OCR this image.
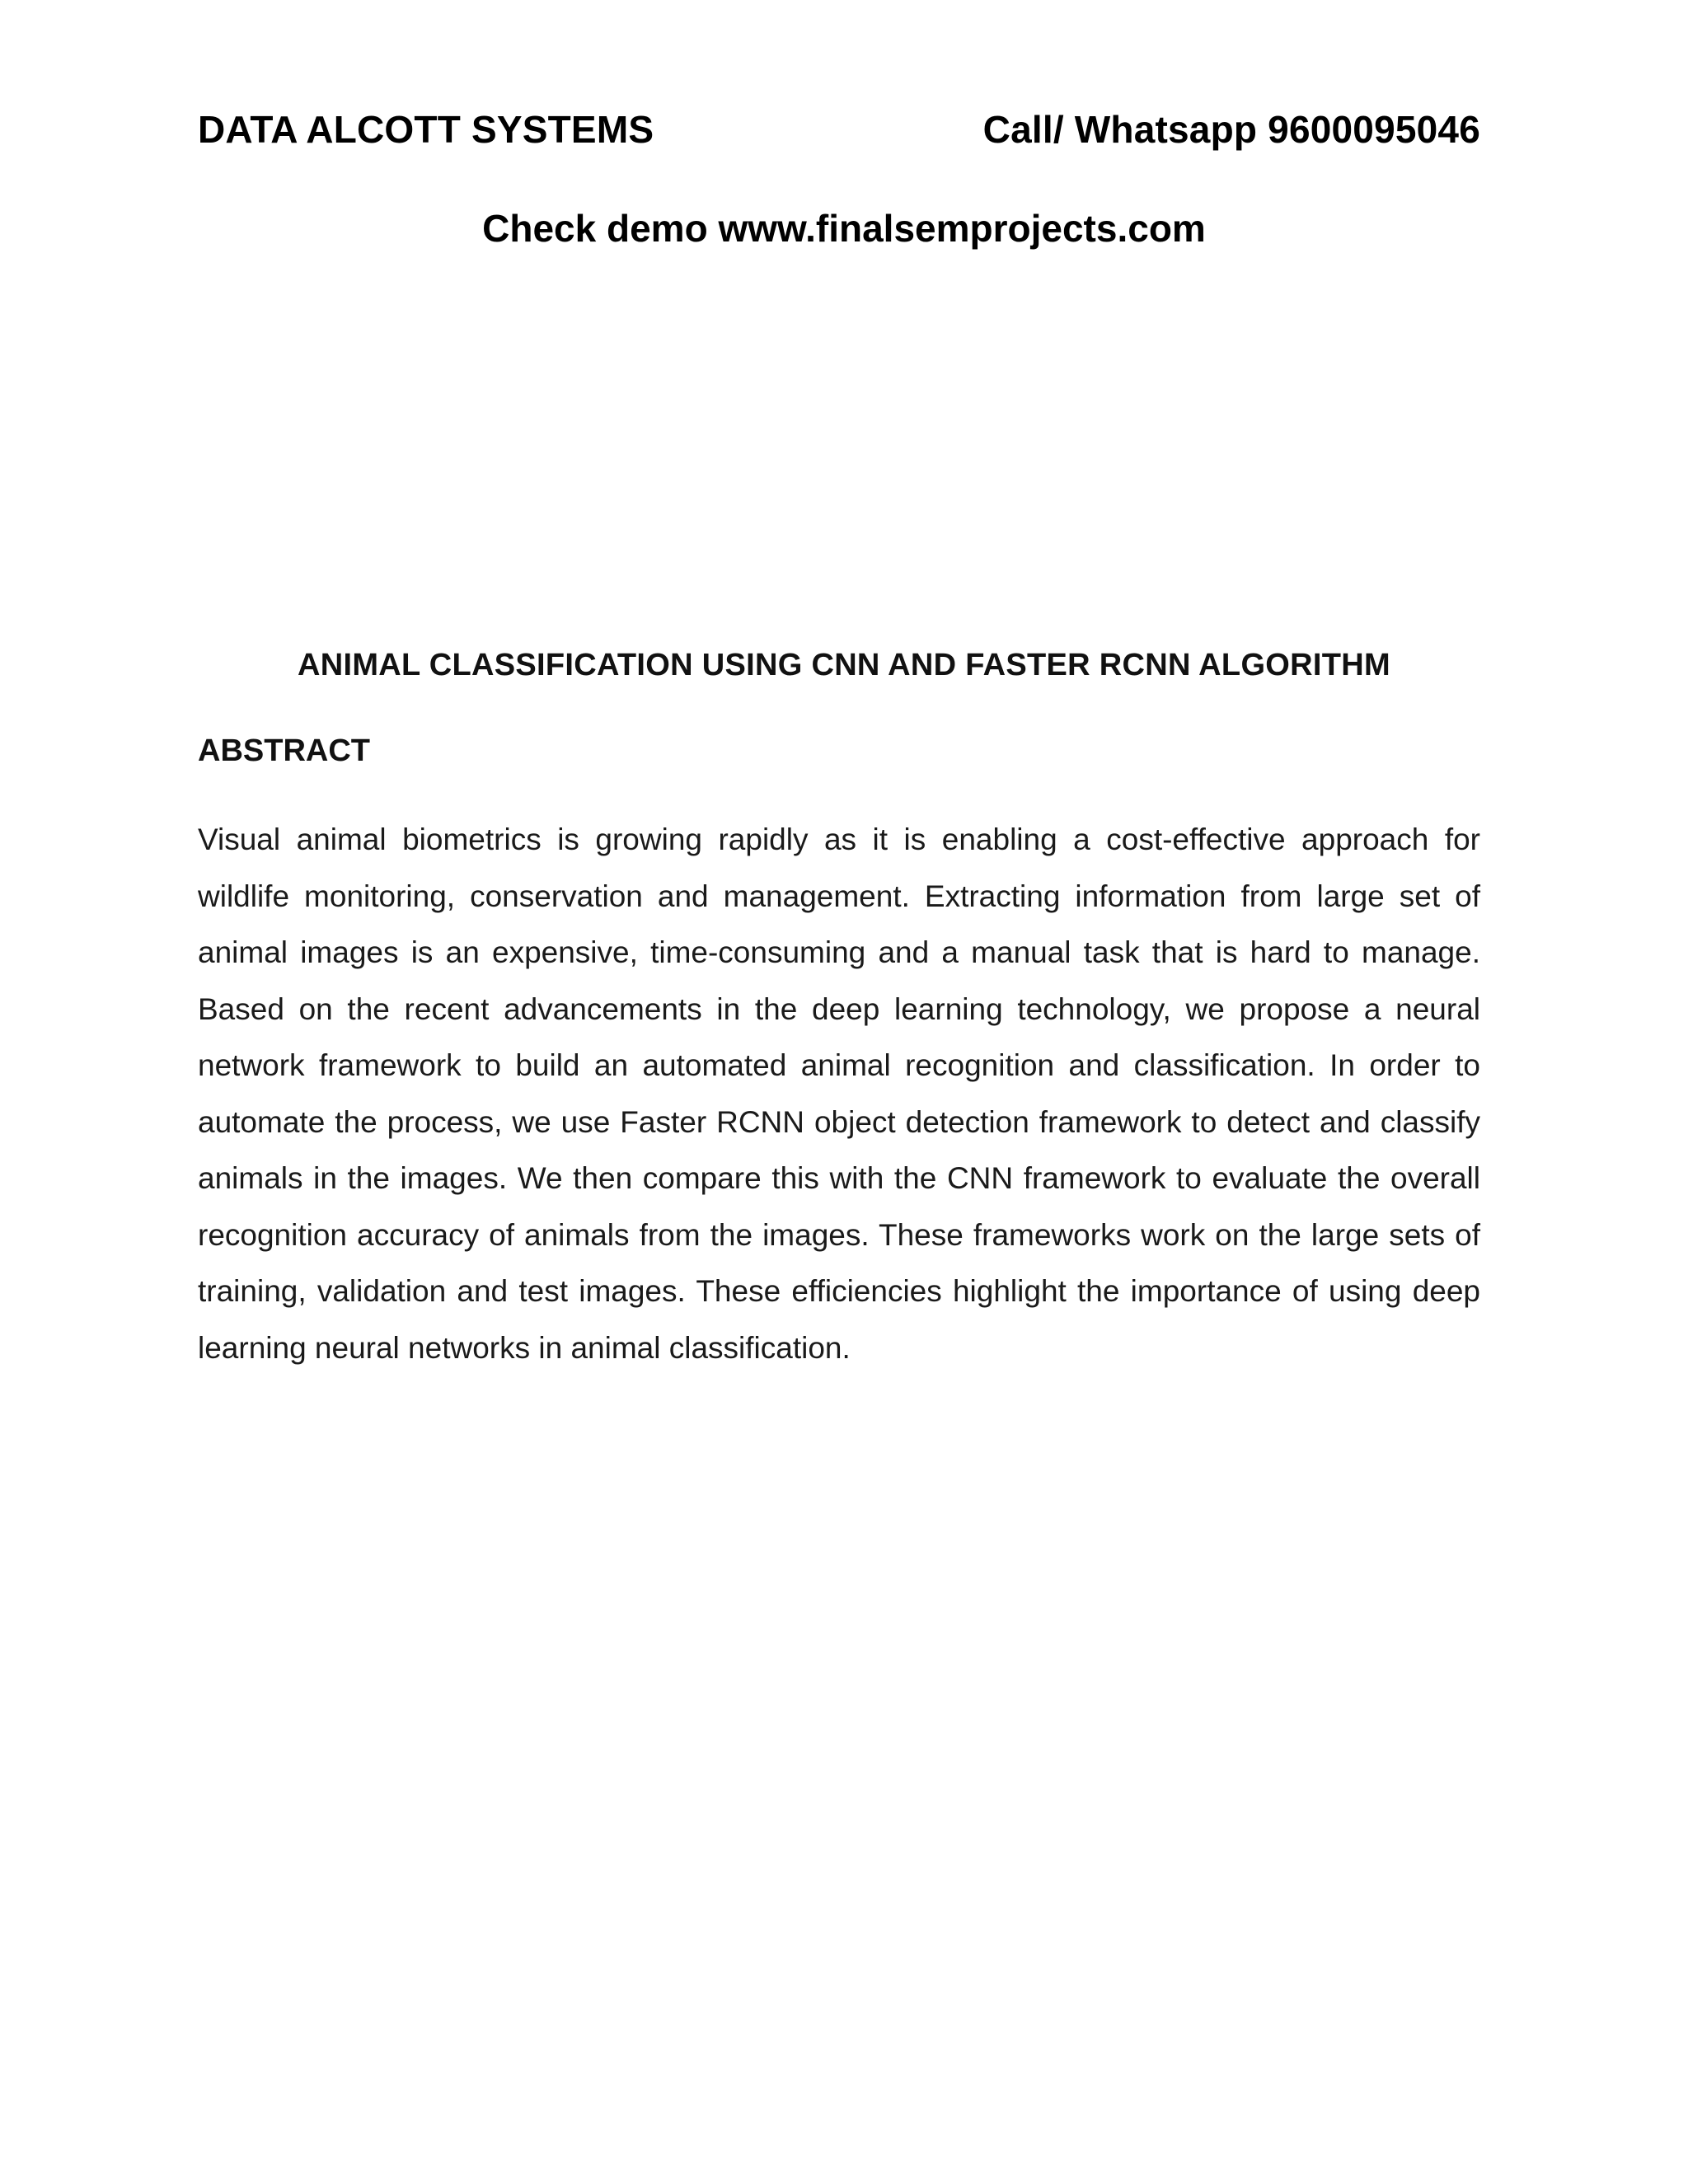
DATA ALCOTT SYSTEMS	Call/ Whatsapp 9600095046
Check demo www.finalsemprojects.com
ANIMAL CLASSIFICATION USING CNN AND FASTER RCNN ALGORITHM
ABSTRACT

Visual animal biometrics is growing rapidly as it is enabling a cost-effective approach for wildlife monitoring, conservation and management. Extracting information from large set of animal images is an expensive, time-consuming and a manual task that is hard to manage. Based on the recent advancements in the deep learning technology, we propose a neural network framework to build an automated animal recognition and classification. In order to automate the process, we use Faster RCNN object detection framework to detect and classify animals in the images. We then compare this with the CNN framework to evaluate the overall recognition accuracy of animals from the images. These frameworks work on the large sets of training, validation and test images. These efficiencies highlight the importance of using deep learning neural networks in animal classification.
